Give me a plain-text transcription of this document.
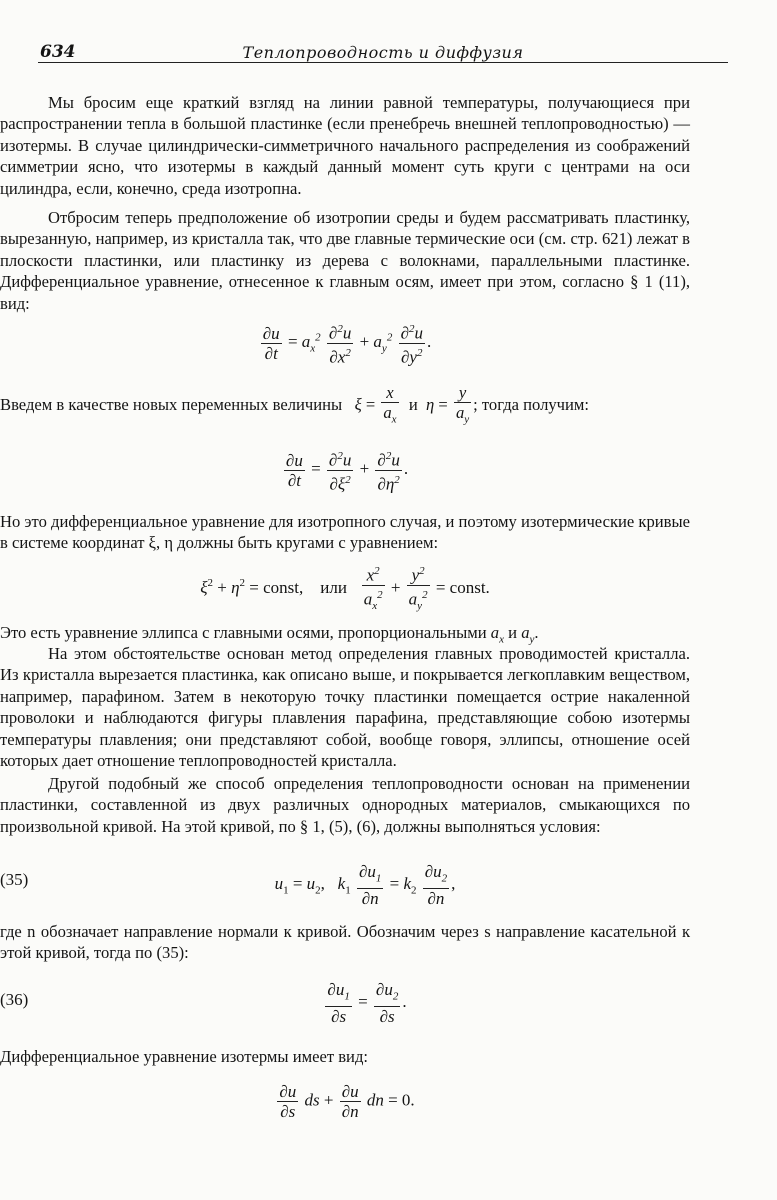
634	Теплопроводность и диффузия

Мы бросим еще краткий взгляд на линии равной температуры, получающиеся при распространении тепла в большой пластинке (если пренебречь внешней теплопроводностью) — изотермы. В случае цилиндрически-симметричного начального распределения из соображений симметрии ясно, что изотермы в каждый данный момент суть круги с центрами на оси цилиндра, если, конечно, среда изотропна.

Отбросим теперь предположение об изотропии среды и будем рассматривать пластинку, вырезанную, например, из кристалла так, что две главные термические оси (см. стр. 621) лежат в плоскости пластинки, или пластинку из дерева с волокнами, параллельными пластинке. Дифференциальное уравнение, отнесенное к главным осям, имеет при этом, согласно § 1 (11), вид:

$\frac{\partial u}{\partial t} = a_x^2 \frac{\partial^2u}{\partial x^2} + a_y^2 \frac{\partial^2u}{\partial y^2}$ .
Введем в качестве новых переменных величины $\xi = \frac{x}{a_x}$ и $\eta = \frac{y}{a_y}$ ; тогда получим:
$\frac{\partial u}{\partial t} = \frac{\partial^2u}{\partial\xi^2} + \frac{\partial^2u}{\partial\eta^2}$ .

Но это дифференциальное уравнение для изотропного случая, и поэтому изотермические кривые в системе координат ξ, η должны быть кругами с уравнением:

$\xi^2 + \eta^2$ = const, или $\frac{x^2}{a_x^2} + \frac{y^2}{a_y^2}$ = const.
Это есть уравнение эллипса с главными осями, пропорциональными $a_x$ и $a_y$.

На этом обстоятельстве основан метод определения главных проводимостей кристалла. Из кристалла вырезается пластинка, как описано выше, и покрывается легкоплавким веществом, например, парафином. Затем в некоторую точку пластинки помещается острие накаленной проволоки и наблюдаются фигуры плавления парафина, представляющие собою изотермы температуры плавления; они представляют собой, вообще говоря, эллипсы, отношение осей которых дает отношение теплопроводностей кристалла.

Другой подобный же способ определения теплопроводности основан на применении пластинки, составленной из двух различных однородных материалов, смыкающихся по произвольной кривой. На этой кривой, по § 1, (5), (6), должны выполняться условия:

(35)	$u_1 = u_2$,   $k_1 \frac{\partial u_1}{\partial n} = k_2 \frac{\partial u_2}{\partial n}$ ,

где n обозначает направление нормали к кривой. Обозначим через s направление касательной к этой кривой, тогда по (35):

(36)	$\frac{\partial u_1}{\partial s} = \frac{\partial u_2}{\partial s}$ .

Дифференциальное уравнение изотермы имеет вид:

$\frac{\partial u}{\partial s}$ ds + $\frac{\partial u}{\partial n}$ dn = 0.
